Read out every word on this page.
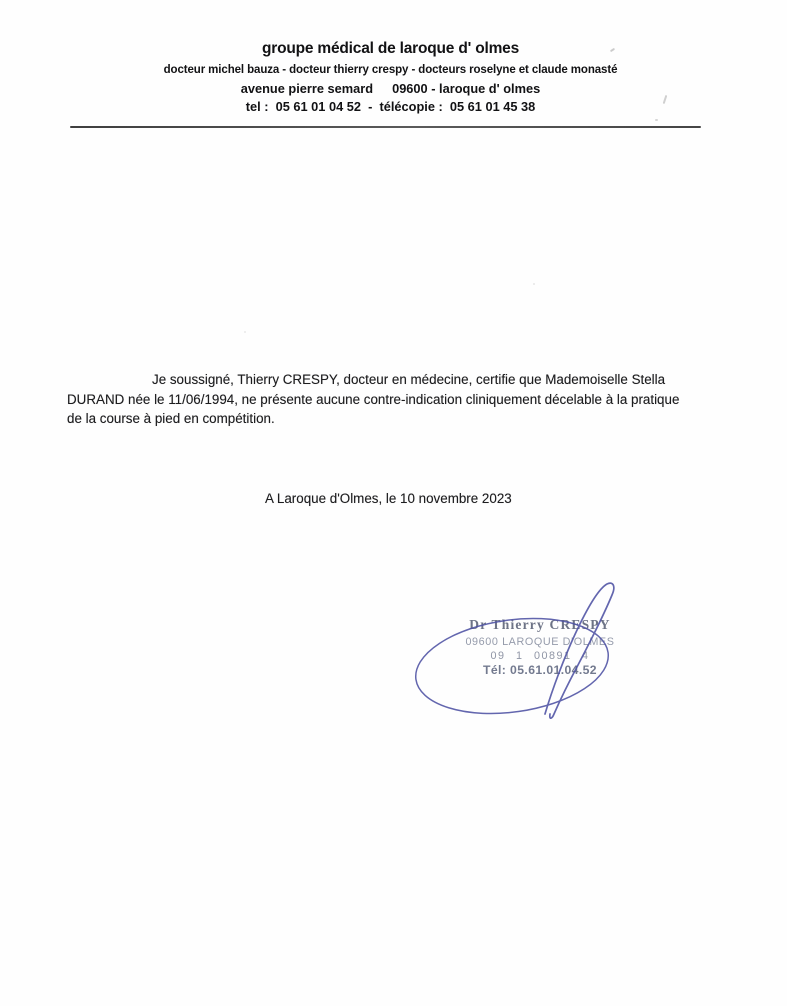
groupe médical de laroque d' olmes
docteur michel bauza - docteur thierry crespy - docteurs roselyne et claude monasté
avenue pierre semard 09600 - laroque d' olmes
tel :  05 61 01 04 52  -  télécopie :  05 61 01 45 38
Je soussigné, Thierry CRESPY, docteur en médecine, certifie que Mademoiselle Stella
DURAND née le 11/06/1994, ne présente aucune contre-indication cliniquement décelable à la pratique
de la course à pied en compétition.
A Laroque d'Olmes, le 10 novembre 2023
Dr Thierry CRESPY
09600 LAROQUE D'OLMES
09 1 00891 4
Tél: 05.61.01.04.52
